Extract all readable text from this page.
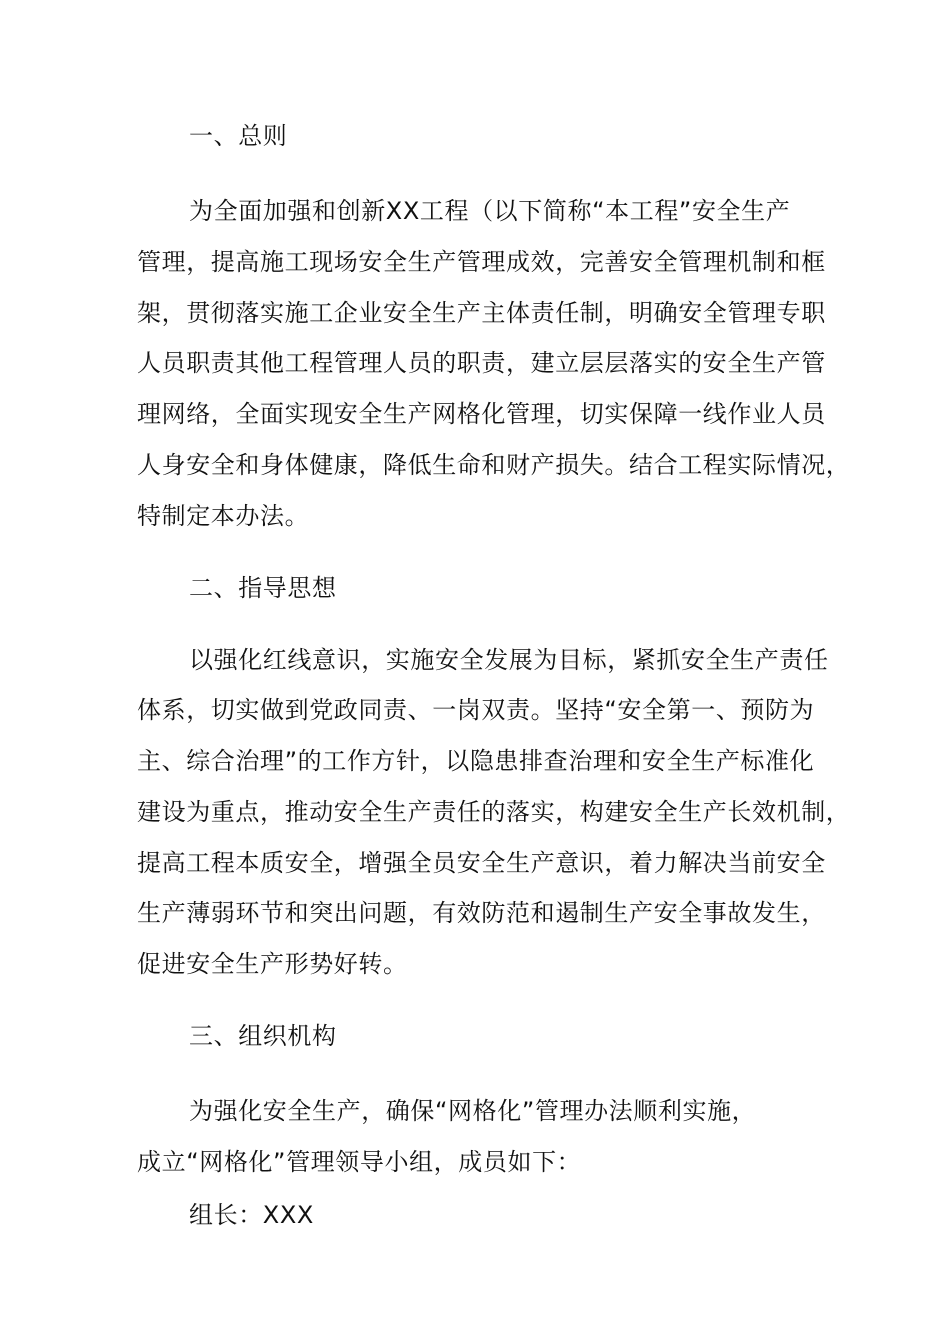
一、总则
为全面加强和创新XX工程（以下简称“本工程”安全生产
管理，提高施工现场安全生产管理成效，完善安全管理机制和框
架，贯彻落实施工企业安全生产主体责任制，明确安全管理专职
人员职责其他工程管理人员的职责，建立层层落实的安全生产管
理网络，全面实现安全生产网格化管理，切实保障一线作业人员
人身安全和身体健康，降低生命和财产损失。结合工程实际情况，
特制定本办法。
二、指导思想
以强化红线意识，实施安全发展为目标，紧抓安全生产责任
体系，切实做到党政同责、一岗双责。坚持“安全第一、预防为
主、综合治理”的工作方针，以隐患排查治理和安全生产标准化
建设为重点，推动安全生产责任的落实，构建安全生产长效机制，
提高工程本质安全，增强全员安全生产意识，着力解决当前安全
生产薄弱环节和突出问题，有效防范和遏制生产安全事故发生，
促进安全生产形势好转。
三、组织机构
为强化安全生产，确保“网格化”管理办法顺利实施，
成立“网格化”管理领导小组，成员如下：
组长：XXX
